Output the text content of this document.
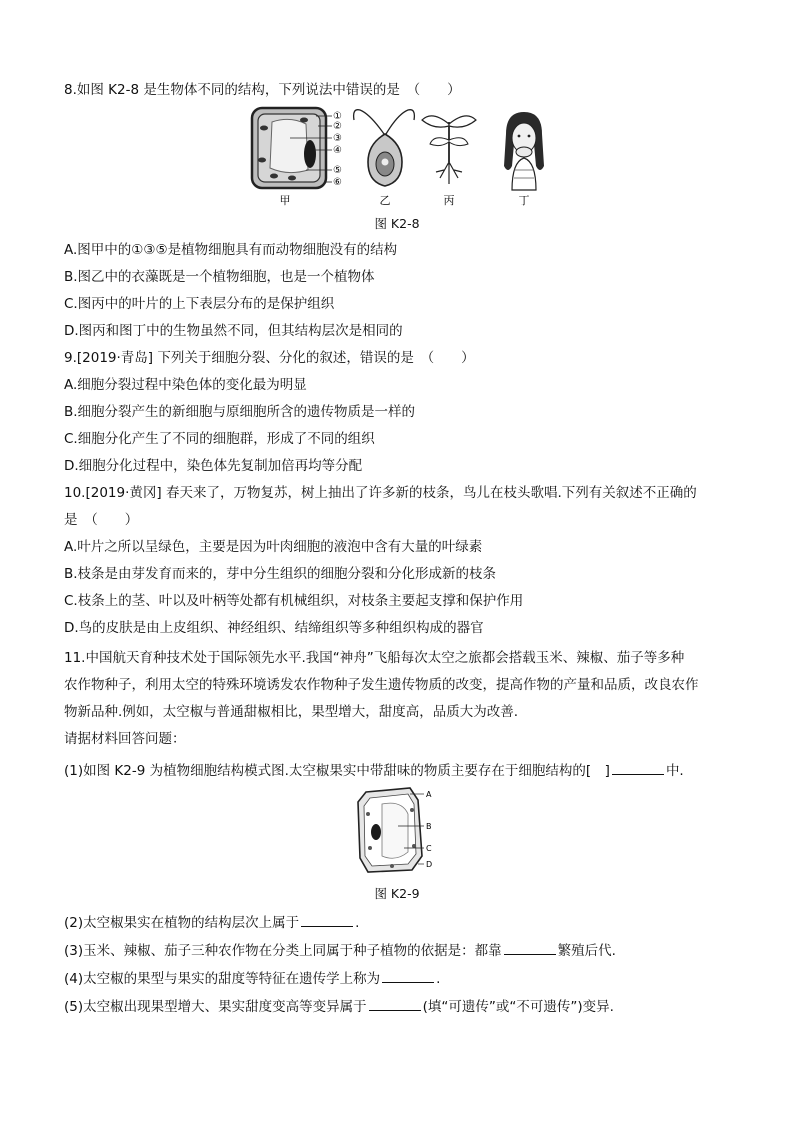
8.如图 K2-8 是生物体不同的结构，下列说法中错误的是　（　　）
①
②
③
④
⑤
⑥
甲	乙	丙	丁
图 K2-8
A.图甲中的①③⑤是植物细胞具有而动物细胞没有的结构
B.图乙中的衣藻既是一个植物细胞，也是一个植物体
C.图丙中的叶片的上下表层分布的是保护组织
D.图丙和图丁中的生物虽然不同，但其结构层次是相同的
9.[2019·青岛] 下列关于细胞分裂、分化的叙述，错误的是　（　　）
A.细胞分裂过程中染色体的变化最为明显
B.细胞分裂产生的新细胞与原细胞所含的遗传物质是一样的
C.细胞分化产生了不同的细胞群，形成了不同的组织
D.细胞分化过程中，染色体先复制加倍再均等分配
10.[2019·黄冈] 春天来了，万物复苏，树上抽出了许多新的枝条，鸟儿在枝头歌唱.下列有关叙述不正确的
是　（　　）
A.叶片之所以呈绿色，主要是因为叶肉细胞的液泡中含有大量的叶绿素
B.枝条是由芽发育而来的，芽中分生组织的细胞分裂和分化形成新的枝条
C.枝条上的茎、叶以及叶柄等处都有机械组织，对枝条主要起支撑和保护作用
D.鸟的皮肤是由上皮组织、神经组织、结缔组织等多种组织构成的器官
11.中国航天育种技术处于国际领先水平.我国“神舟”飞船每次太空之旅都会搭载玉米、辣椒、茄子等多种
农作物种子，利用太空的特殊环境诱发农作物种子发生遗传物质的改变，提高作物的产量和品质，改良农作
物新品种.例如，太空椒与普通甜椒相比，果型增大，甜度高，品质大为改善.
请据材料回答问题：
(1)如图 K2-9 为植物细胞结构模式图.太空椒果实中带甜味的物质主要存在于细胞结构的[　]	中.
A
B
C
D
图 K2-9
(2)太空椒果实在植物的结构层次上属于	.
(3)玉米、辣椒、茄子三种农作物在分类上同属于种子植物的依据是：都靠	繁殖后代.
(4)太空椒的果型与果实的甜度等特征在遗传学上称为	.
(5)太空椒出现果型增大、果实甜度变高等变异属于	(填“可遗传”或“不可遗传”)变异.
